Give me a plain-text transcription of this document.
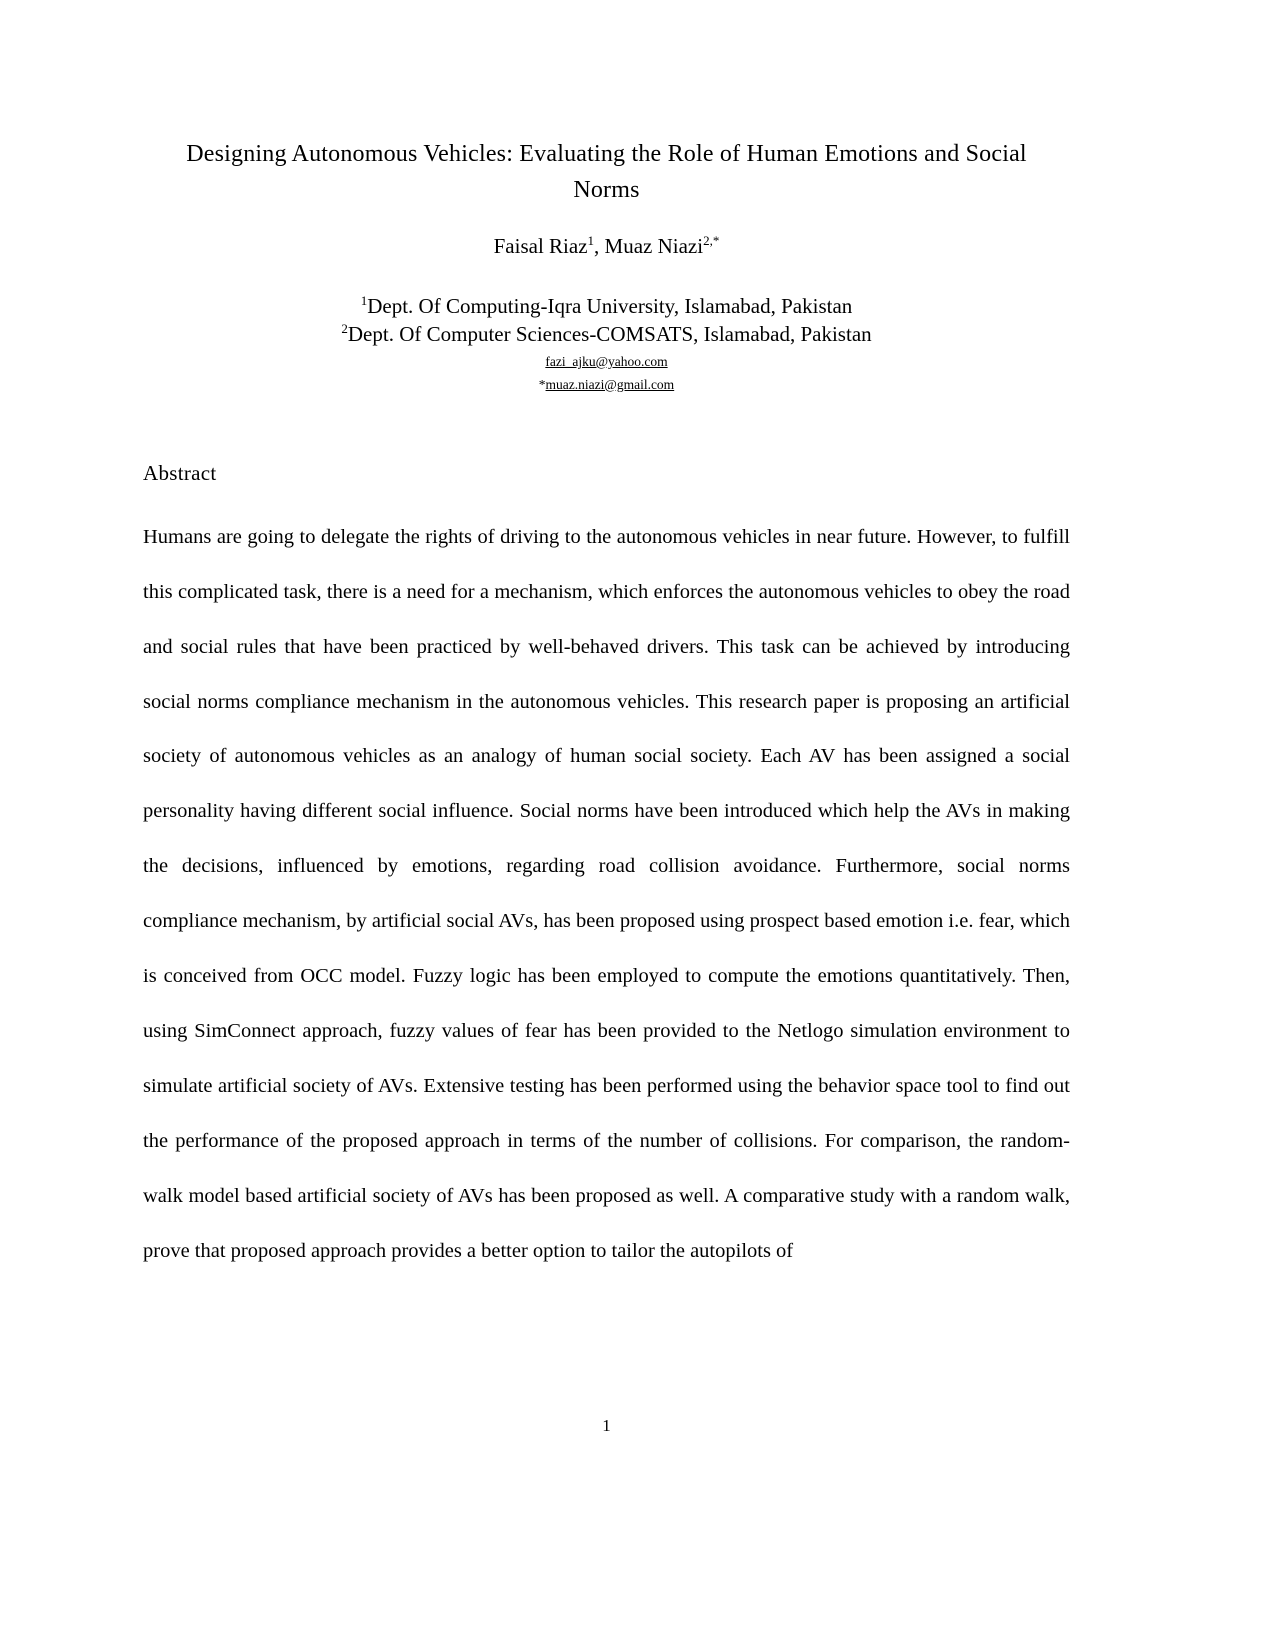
Designing Autonomous Vehicles: Evaluating the Role of Human Emotions and Social Norms
Faisal Riaz$^1$, Muaz Niazi$^{2,*}$
$^1$Dept. Of Computing-Iqra University, Islamabad, Pakistan
$^2$Dept. Of Computer Sciences-COMSATS, Islamabad, Pakistan
fazi_ajku@yahoo.com
*muaz.niazi@gmail.com
Abstract

Humans are going to delegate the rights of driving to the autonomous vehicles in near future. However, to fulfill this complicated task, there is a need for a mechanism, which enforces the autonomous vehicles to obey the road and social rules that have been practiced by well-behaved drivers. This task can be achieved by introducing social norms compliance mechanism in the autonomous vehicles. This research paper is proposing an artificial society of autonomous vehicles as an analogy of human social society. Each AV has been assigned a social personality having different social influence. Social norms have been introduced which help the AVs in making the decisions, influenced by emotions, regarding road collision avoidance. Furthermore, social norms compliance mechanism, by artificial social AVs, has been proposed using prospect based emotion i.e. fear, which is conceived from OCC model. Fuzzy logic has been employed to compute the emotions quantitatively. Then, using SimConnect approach, fuzzy values of fear has been provided to the Netlogo simulation environment to simulate artificial society of AVs. Extensive testing has been performed using the behavior space tool to find out the performance of the proposed approach in terms of the number of collisions. For comparison, the random-walk model based artificial society of AVs has been proposed as well. A comparative study with a random walk, prove that proposed approach provides a better option to tailor the autopilots of

1
